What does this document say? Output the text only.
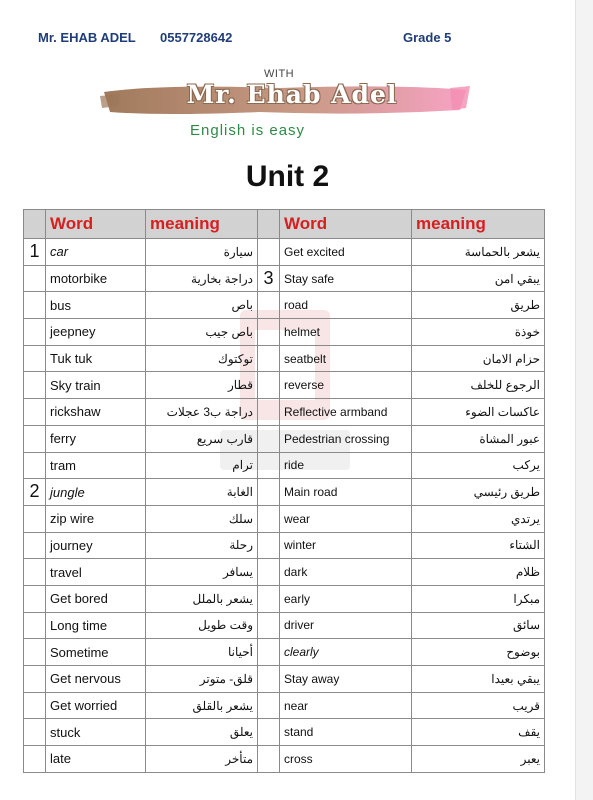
Mr. EHAB ADEL 0557728642	Grade 5
WITH
Mr. Ehab Adel
English is easy
Unit 2
	Word	meaning		Word	meaning
1	car	سيارة		Get excited	يشعر بالحماسة
	motorbike	دراجة بخارية	3	Stay safe	يبقي امن
	bus	باص		road	طريق
	jeepney	باص جيب		helmet	خوذة
	Tuk tuk	توكتوك		seatbelt	حزام الامان
	Sky train	قطار		reverse	الرجوع للخلف
	rickshaw	دراجة ب3 عجلات		Reflective armband	عاكسات الضوء
	ferry	قارب سريع		Pedestrian crossing	عبور المشاة
	tram	ترام		ride	يركب
2	jungle	الغابة		Main road	طريق رئيسي
	zip wire	سلك		wear	يرتدي
	journey	رحلة		winter	الشتاء
	travel	يسافر		dark	ظلام
	Get bored	يشعر بالملل		early	مبكرا
	Long time	وقت طويل		driver	سائق
	Sometime	أحيانا		clearly	بوضوح
	Get nervous	قلق- متوتر		Stay away	يبقي بعيدا
	Get worried	يشعر بالقلق		near	قريب
	stuck	يعلق		stand	يقف
	late	متأخر		cross	يعبر
